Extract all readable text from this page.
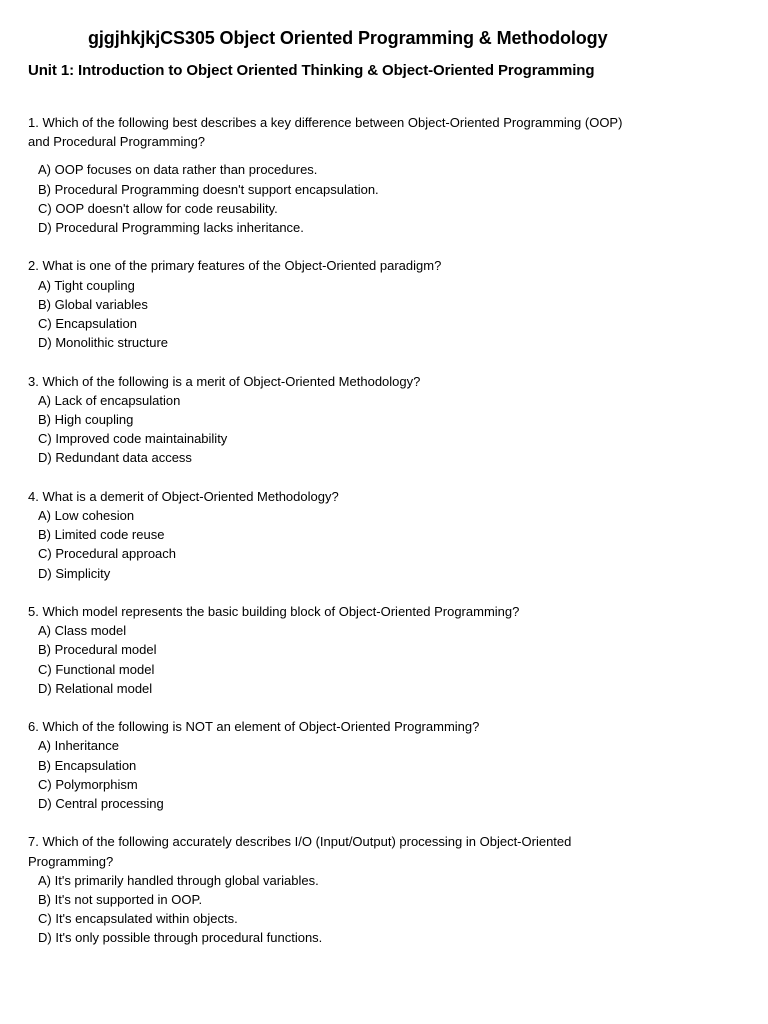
gjgjhkjkjCS305 Object Oriented Programming & Methodology
Unit 1: Introduction to Object Oriented Thinking & Object-Oriented Programming

1. Which of the following best describes a key difference between Object-Oriented Programming (OOP) and Procedural Programming?

A) OOP focuses on data rather than procedures.
B) Procedural Programming doesn't support encapsulation.
C) OOP doesn't allow for code reusability.
D) Procedural Programming lacks inheritance.

2. What is one of the primary features of the Object-Oriented paradigm?

A) Tight coupling
B) Global variables
C) Encapsulation
D) Monolithic structure

3. Which of the following is a merit of Object-Oriented Methodology?

A) Lack of encapsulation
B) High coupling
C) Improved code maintainability
D) Redundant data access

4. What is a demerit of Object-Oriented Methodology?

A) Low cohesion
B) Limited code reuse
C) Procedural approach
D) Simplicity

5. Which model represents the basic building block of Object-Oriented Programming?

A) Class model
B) Procedural model
C) Functional model
D) Relational model

6. Which of the following is NOT an element of Object-Oriented Programming?

A) Inheritance
B) Encapsulation
C) Polymorphism
D) Central processing

7. Which of the following accurately describes I/O (Input/Output) processing in Object-Oriented Programming?

A) It's primarily handled through global variables.
B) It's not supported in OOP.
C) It's encapsulated within objects.
D) It's only possible through procedural functions.
